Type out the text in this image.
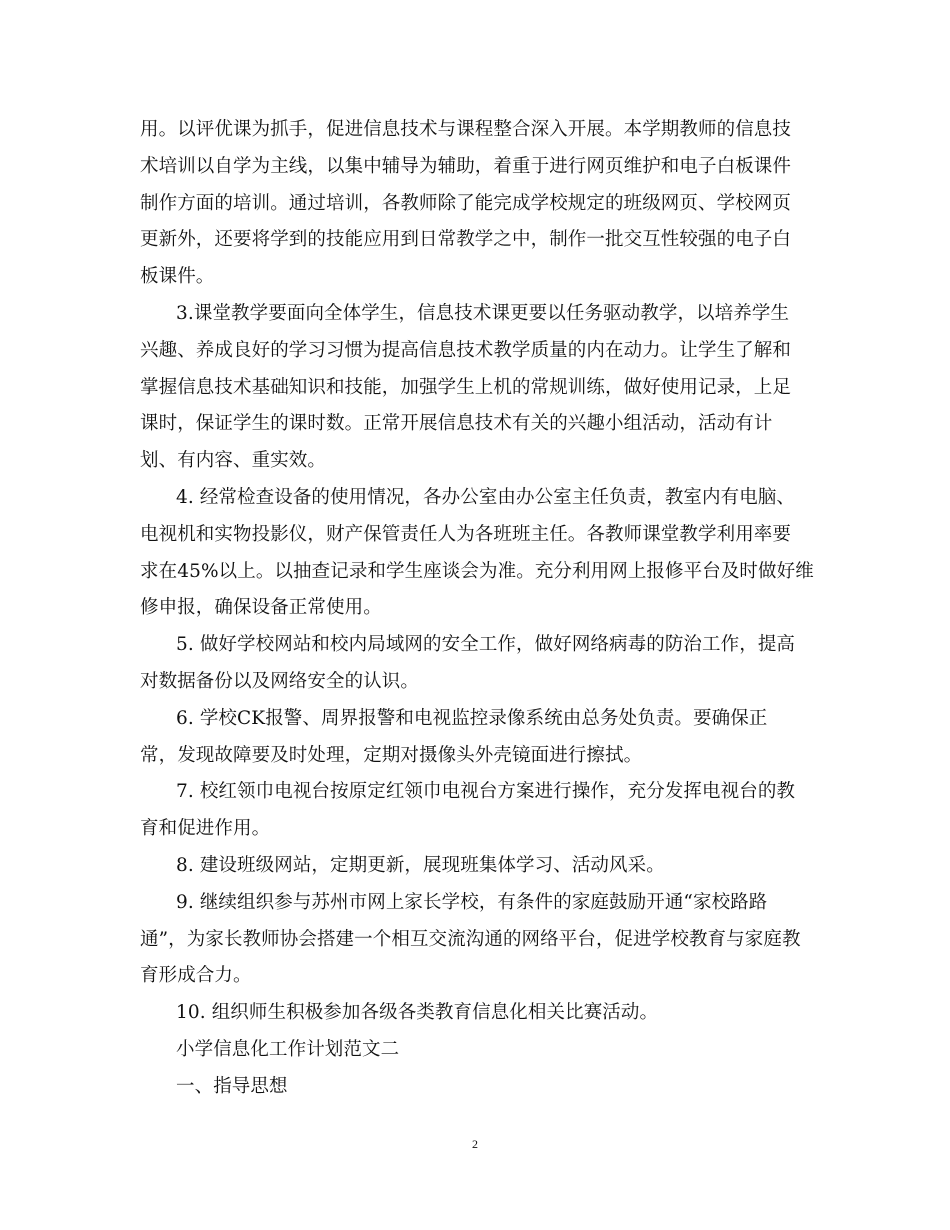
用。以评优课为抓手，促进信息技术与课程整合深入开展。本学期教师的信息技
术培训以自学为主线，以集中辅导为辅助，着重于进行网页维护和电子白板课件
制作方面的培训。通过培训，各教师除了能完成学校规定的班级网页、学校网页
更新外，还要将学到的技能应用到日常教学之中，制作一批交互性较强的电子白
板课件。
3.课堂教学要面向全体学生，信息技术课更要以任务驱动教学，以培养学生
兴趣、养成良好的学习习惯为提高信息技术教学质量的内在动力。让学生了解和
掌握信息技术基础知识和技能，加强学生上机的常规训练，做好使用记录，上足
课时，保证学生的课时数。正常开展信息技术有关的兴趣小组活动，活动有计
划、有内容、重实效。
4. 经常检查设备的使用情况，各办公室由办公室主任负责，教室内有电脑、
电视机和实物投影仪，财产保管责任人为各班班主任。各教师课堂教学利用率要
求在45%以上。以抽查记录和学生座谈会为准。充分利用网上报修平台及时做好维
修申报，确保设备正常使用。
5. 做好学校网站和校内局域网的安全工作，做好网络病毒的防治工作，提高
对数据备份以及网络安全的认识。
6. 学校CK报警、周界报警和电视监控录像系统由总务处负责。要确保正
常，发现故障要及时处理，定期对摄像头外壳镜面进行擦拭。
7. 校红领巾电视台按原定红领巾电视台方案进行操作，充分发挥电视台的教
育和促进作用。
8. 建设班级网站，定期更新，展现班集体学习、活动风采。
9. 继续组织参与苏州市网上家长学校，有条件的家庭鼓励开通“家校路路
通”，为家长教师协会搭建一个相互交流沟通的网络平台，促进学校教育与家庭教
育形成合力。
10. 组织师生积极参加各级各类教育信息化相关比赛活动。
小学信息化工作计划范文二
一、指导思想
2
